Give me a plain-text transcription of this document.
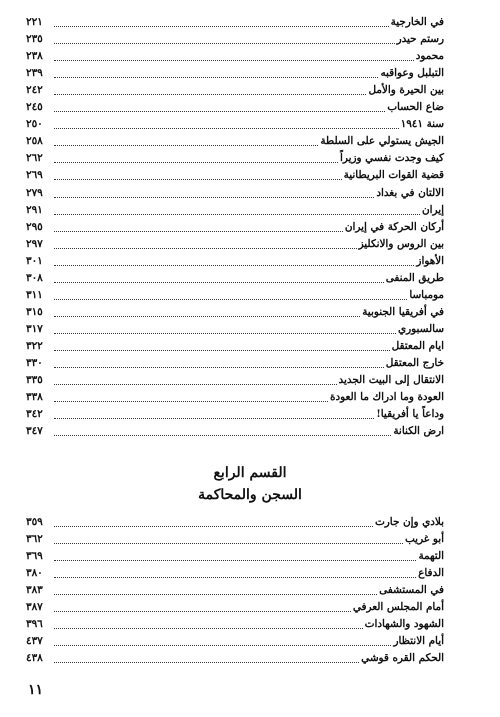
في الخارجية
٢٢١
رستم حيدر
٢٣٥
محمود
٢٣٨
التبلبل وعواقبه
٢٣٩
بين الحيرة والأمل
٢٤٢
ضاع الحساب
٢٤٥
سنة ١٩٤١
٢٥٠
الجيش يستولي على السلطة
٢٥٨
كيف وجدت نفسي وزيراً
٢٦٢
قضية القوات البريطانية
٢٦٩
الالتان في بغداد
٢٧٩
إيران
٢٩١
أركان الحركة في إيران
٢٩٥
بين الروس والانكليز
٢٩٧
الأهواز
٣٠١
طريق المنفى
٣٠٨
مومباسا
٣١١
في أفريقيا الجنوبية
٣١٥
سالسبوري
٣١٧
ايام المعتقل
٣٢٢
خارج المعتقل
٣٣٠
الانتقال إلى البيت الجديد
٣٣٥
العودة وما ادراك ما العودة
٣٣٨
وداعاً يا أفريقيا!
٣٤٢
ارض الكنانة
٣٤٧
القسم الرابع
السجن والمحاكمة
بلادي وإن جارت
٣٥٩
أبو غريب
٣٦٢
التهمة
٣٦٩
الدفاع
٣٨٠
في المستشفى
٣٨٣
أمام المجلس العرفي
٣٨٧
الشهود والشهادات
٣٩٦
أيام الانتظار
٤٣٧
الحكم القره قوشي
٤٣٨
١١
